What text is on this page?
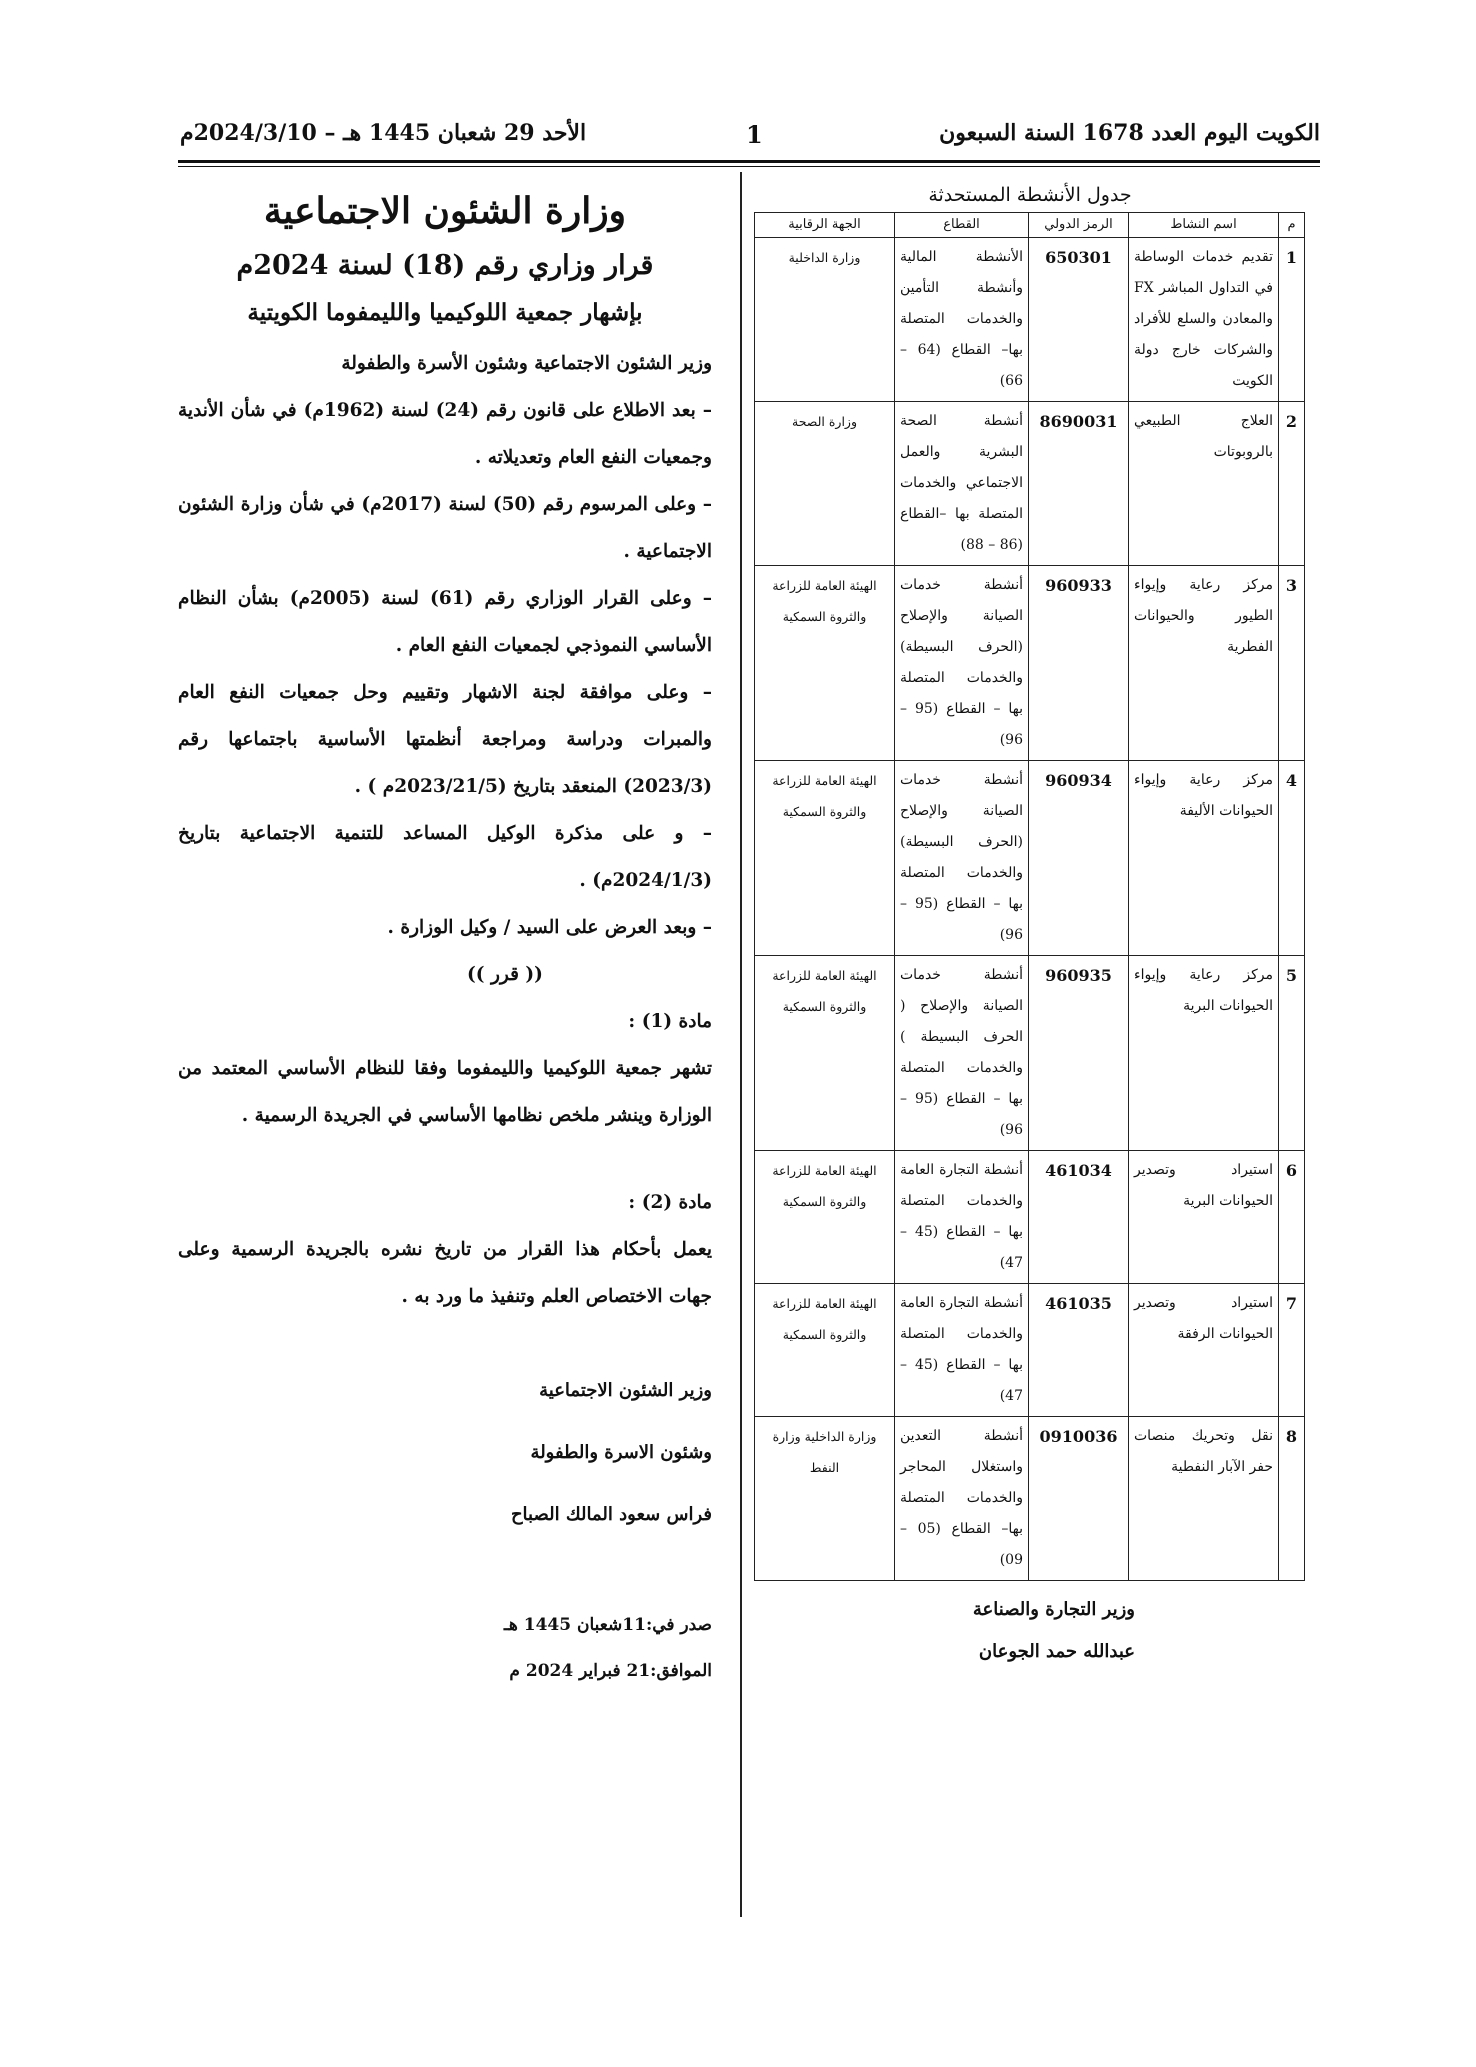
الأحد 29 شعبان 1445 هـ – 2024/3/10م	1	الكويت اليوم العدد 1678 السنة السبعون
جدول الأنشطة المستحدثة
م	اسم النشاط	الرمز الدولي	القطاع	الجهة الرقابية
1	تقديم خدمات الوساطة في التداول المباشر FX والمعادن والسلع للأفراد والشركات خارج دولة الكويت	650301	الأنشطة المالية وأنشطة التأمين والخدمات المتصلة بها– القطاع (64 – 66)	وزارة الداخلية
2	العلاج الطبيعي بالروبوتات	8690031	أنشطة الصحة البشرية والعمل الاجتماعي والخدمات المتصلة بها –القطاع (86 – 88)	وزارة الصحة
3	مركز رعاية وإيواء الطيور والحيوانات الفطرية	960933	أنشطة خدمات الصيانة والإصلاح (الحرف البسيطة) والخدمات المتصلة بها – القطاع (95 – 96)	الهيئة العامة للزراعة والثروة السمكية
4	مركز رعاية وإيواء الحيوانات الأليفة	960934	أنشطة خدمات الصيانة والإصلاح (الحرف البسيطة) والخدمات المتصلة بها – القطاع (95 – 96)	الهيئة العامة للزراعة والثروة السمكية
5	مركز رعاية وإيواء الحيوانات البرية	960935	أنشطة خدمات الصيانة والإصلاح ( الحرف البسيطة ) والخدمات المتصلة بها – القطاع (95 – 96)	الهيئة العامة للزراعة والثروة السمكية
6	استيراد وتصدير الحيوانات البرية	461034	أنشطة التجارة العامة والخدمات المتصلة بها – القطاع (45 – 47)	الهيئة العامة للزراعة والثروة السمكية
7	استيراد وتصدير الحيوانات الرفقة	461035	أنشطة التجارة العامة والخدمات المتصلة بها – القطاع (45 – 47)	الهيئة العامة للزراعة والثروة السمكية
8	نقل وتحريك منصات حفر الآبار النفطية	0910036	أنشطة التعدين واستغلال المحاجر والخدمات المتصلة بها– القطاع (05 – 09)	وزارة الداخلية وزارة النفط
وزير التجارة والصناعة
عبدالله حمد الجوعان
وزارة الشئون الاجتماعية
قرار وزاري رقم (18) لسنة 2024م
بإشهار جمعية اللوكيميا والليمفوما الكويتية

وزير الشئون الاجتماعية وشئون الأسرة والطفولة

– بعد الاطلاع على قانون رقم (24) لسنة (1962م) في شأن الأندية وجمعيات النفع العام وتعديلاته .

– وعلى المرسوم رقم (50) لسنة (2017م) في شأن وزارة الشئون الاجتماعية .

– وعلى القرار الوزاري رقم (61) لسنة (2005م) بشأن النظام الأساسي النموذجي لجمعيات النفع العام .

– وعلى موافقة لجنة الاشهار وتقييم وحل جمعيات النفع العام والمبرات ودراسة ومراجعة أنظمتها الأساسية باجتماعها رقم (2023/3) المنعقد بتاريخ (2023/21/5م ) .

– و على مذكرة الوكيل المساعد للتنمية الاجتماعية بتاريخ (2024/1/3م) .

– وبعد العرض على السيد / وكيل الوزارة .

(( قرر ))

مادة (1) :

تشهر جمعية اللوكيميا والليمفوما وفقا للنظام الأساسي المعتمد من الوزارة وينشر ملخص نظامها الأساسي في الجريدة الرسمية .

مادة (2) :

يعمل بأحكام هذا القرار من تاريخ نشره بالجريدة الرسمية وعلى جهات الاختصاص العلم وتنفيذ ما ورد به .

وزير الشئون الاجتماعية
وشئون الاسرة والطفولة
فراس سعود المالك الصباح
صدر في:11شعبان 1445 هـ
الموافق:21 فبراير 2024 م
